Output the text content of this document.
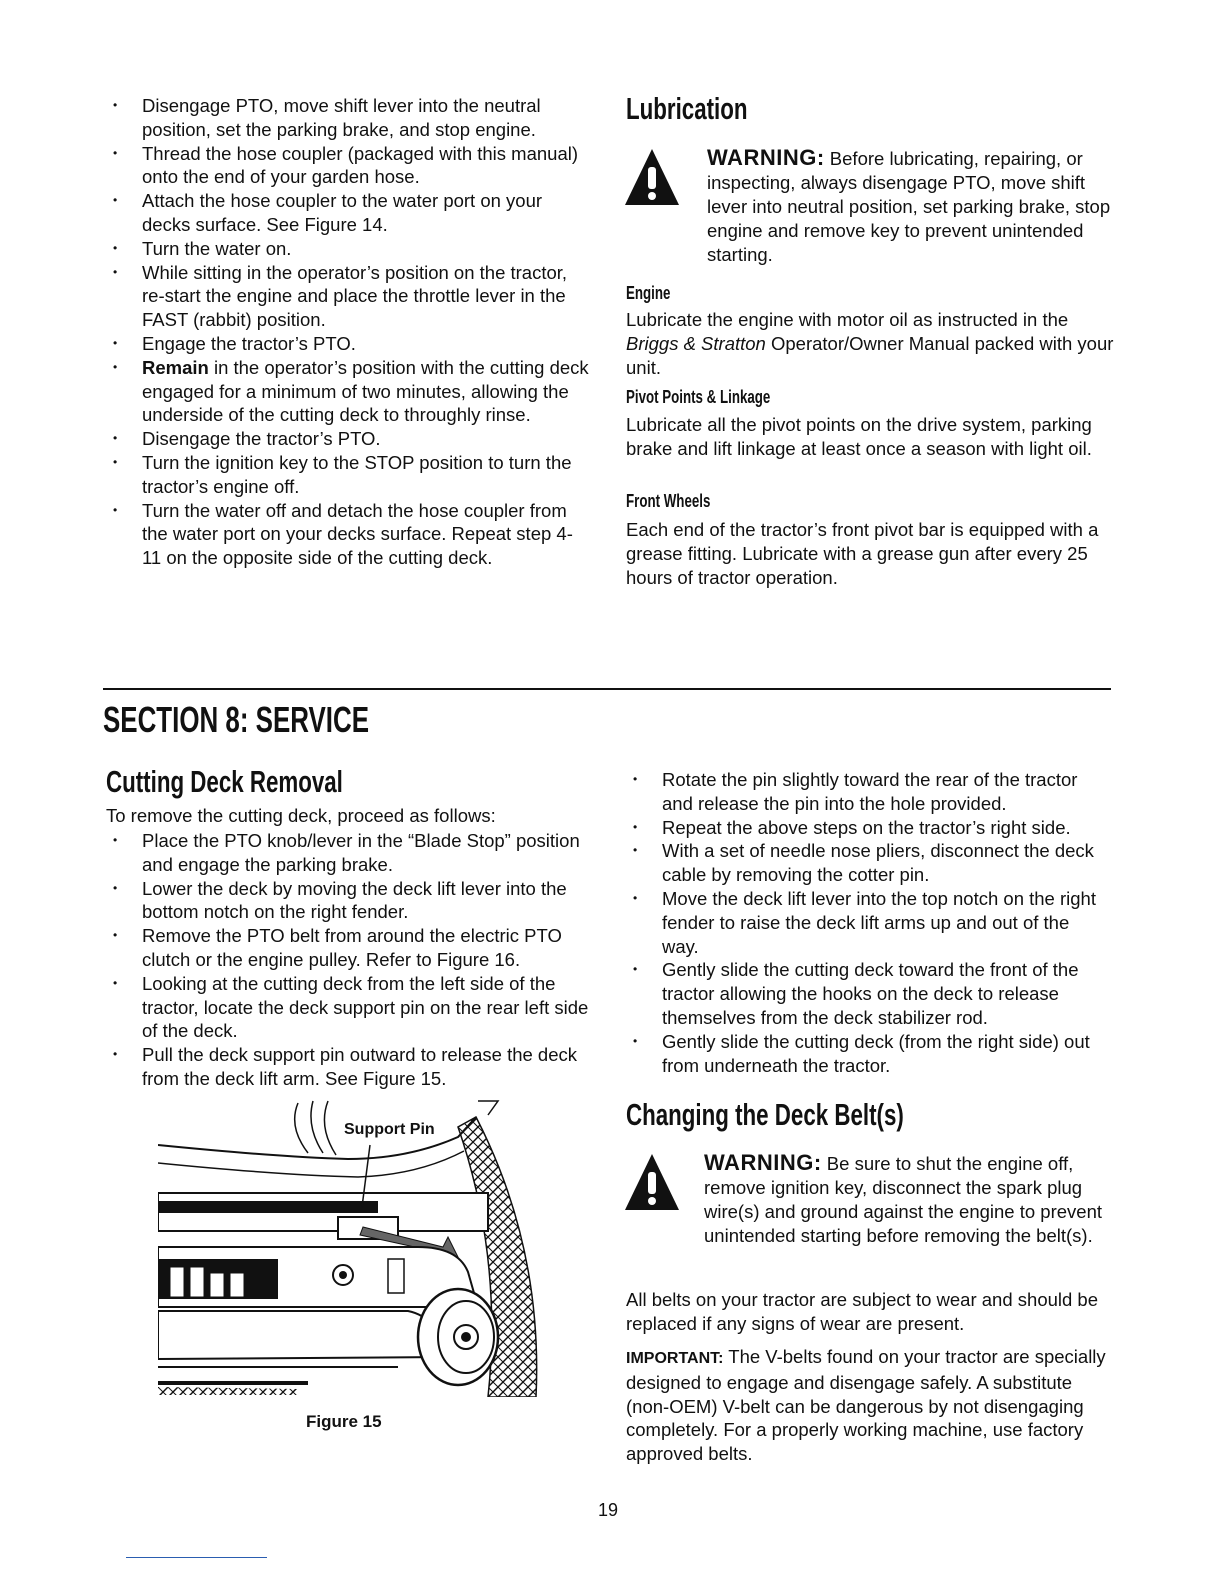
• Disengage PTO, move shift lever into the neutral position, set the parking brake, and stop engine.
• Thread the hose coupler (packaged with this manual) onto the end of your garden hose.
• Attach the hose coupler to the water port on your decks surface. See Figure 14.
• Turn the water on.
• While sitting in the operator’s position on the tractor, re-start the engine and place the throttle lever in the FAST (rabbit) position.
• Engage the tractor’s PTO.
• Remain in the operator’s position with the cutting deck engaged for a minimum of two minutes, allowing the underside of the cutting deck to throughly rinse.
• Disengage the tractor’s PTO.
• Turn the ignition key to the STOP position to turn the tractor’s engine off.
• Turn the water off and detach the hose coupler from the water port on your decks surface. Repeat step 4-11 on the opposite side of the cutting deck.
Lubrication
WARNING: Before lubricating, repairing, or inspecting, always disengage PTO, move shift lever into neutral position, set parking brake, stop engine and remove key to prevent unintended starting.
Engine

Lubricate the engine with motor oil as instructed in the Briggs & Stratton Operator/Owner Manual packed with your unit.

Pivot Points & Linkage

Lubricate all the pivot points on the drive system, parking brake and lift linkage at least once a season with light oil.

Front Wheels

Each end of the tractor’s front pivot bar is equipped with a grease fitting. Lubricate with a grease gun after every 25 hours of tractor operation.

SECTION 8: SERVICE
Cutting Deck Removal

To remove the cutting deck, proceed as follows:

• Place the PTO knob/lever in the “Blade Stop” position and engage the parking brake.
• Lower the deck by moving the deck lift lever into the bottom notch on the right fender.
• Remove the PTO belt from around the electric PTO clutch or the engine pulley. Refer to Figure 16.
• Looking at the cutting deck from the left side of the tractor, locate the deck support pin on the rear left side of the deck.
• Pull the deck support pin outward to release the deck from the deck lift arm. See Figure 15.
Support Pin
Figure 15
• Rotate the pin slightly toward the rear of the tractor and release the pin into the hole provided.
• Repeat the above steps on the tractor’s right side.
• With a set of needle nose pliers, disconnect the deck cable by removing the cotter pin.
• Move the deck lift lever into the top notch on the right fender to raise the deck lift arms up and out of the way.
• Gently slide the cutting deck toward the front of the tractor allowing the hooks on the deck to release themselves from the deck stabilizer rod.
• Gently slide the cutting deck (from the right side) out from underneath the tractor.
Changing the Deck Belt(s)
WARNING: Be sure to shut the engine off, remove ignition key, disconnect the spark plug wire(s) and ground against the engine to prevent unintended starting before removing the belt(s).

All belts on your tractor are subject to wear and should be replaced if any signs of wear are present.

IMPORTANT: The V-belts found on your tractor are specially designed to engage and disengage safely. A substitute (non-OEM) V-belt can be dangerous by not disengaging completely. For a properly working machine, use factory approved belts.

19
